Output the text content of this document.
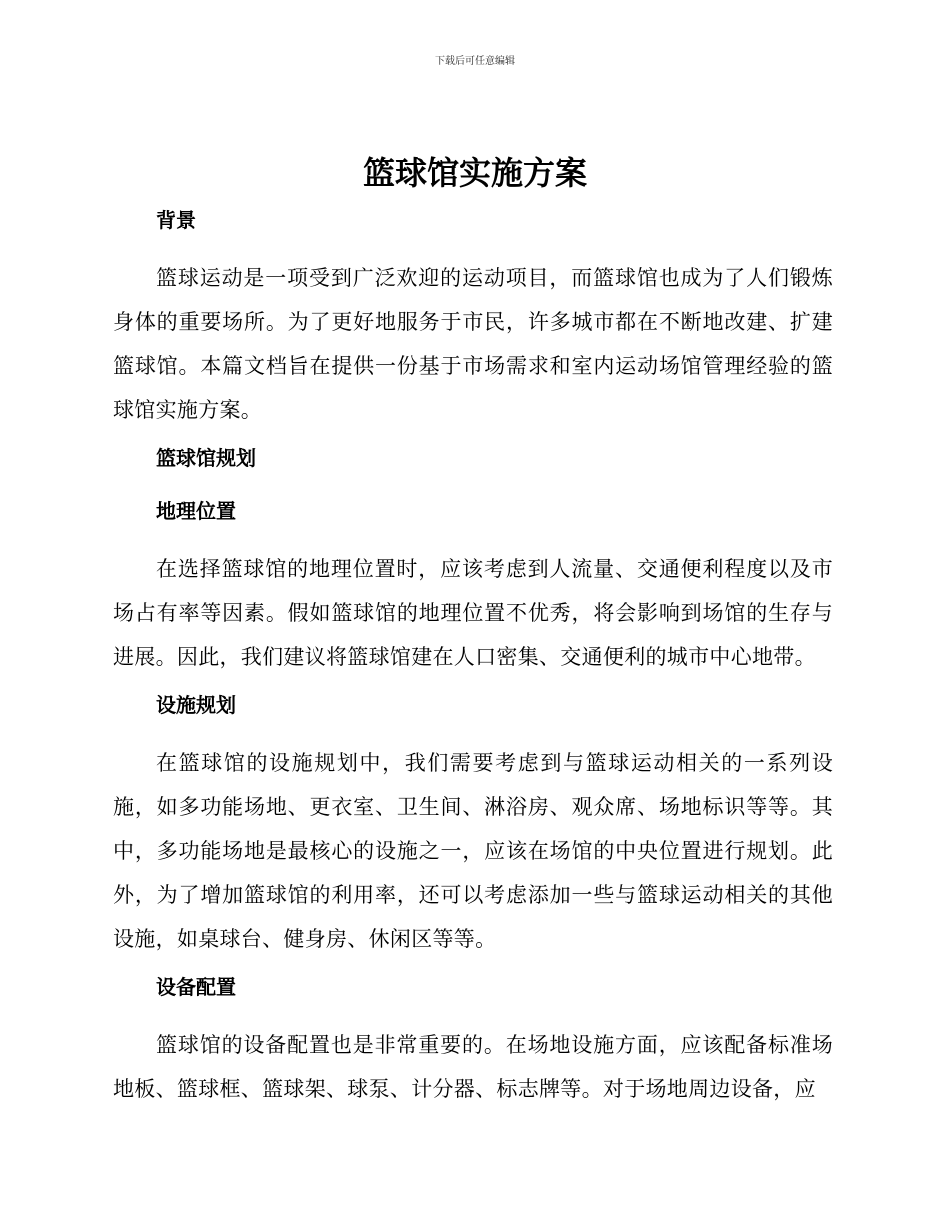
下载后可任意编辑
篮球馆实施方案
背景

篮球运动是一项受到广泛欢迎的运动项目，而篮球馆也成为了人们锻炼身体的重要场所。为了更好地服务于市民，许多城市都在不断地改建、扩建篮球馆。本篇文档旨在提供一份基于市场需求和室内运动场馆管理经验的篮球馆实施方案。

篮球馆规划
地理位置

在选择篮球馆的地理位置时，应该考虑到人流量、交通便利程度以及市场占有率等因素。假如篮球馆的地理位置不优秀，将会影响到场馆的生存与进展。因此，我们建议将篮球馆建在人口密集、交通便利的城市中心地带。

设施规划

在篮球馆的设施规划中，我们需要考虑到与篮球运动相关的一系列设施，如多功能场地、更衣室、卫生间、淋浴房、观众席、场地标识等等。其中，多功能场地是最核心的设施之一，应该在场馆的中央位置进行规划。此外，为了增加篮球馆的利用率，还可以考虑添加一些与篮球运动相关的其他设施，如桌球台、健身房、休闲区等等。

设备配置

篮球馆的设备配置也是非常重要的。在场地设施方面，应该配备标准场地板、篮球框、篮球架、球泵、计分器、标志牌等。对于场地周边设备，应
